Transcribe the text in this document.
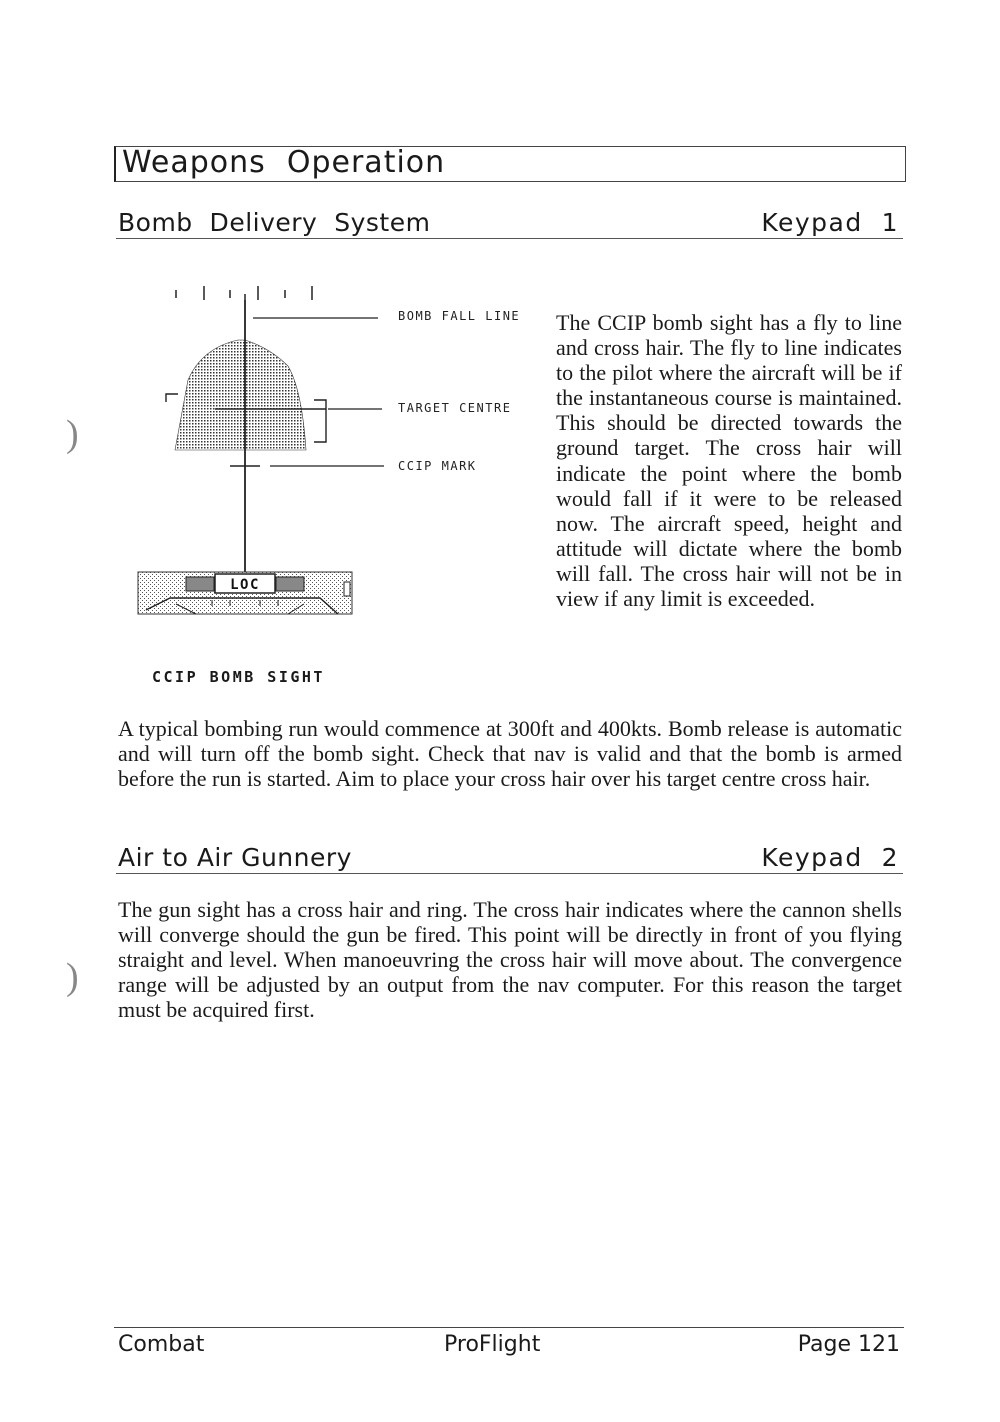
)
)
Weapons  Operation
Bomb  Delivery  System	Keypad  1
LOC
BOMB FALL LINE
TARGET CENTRE
CCIP MARK
CCIP BOMB SIGHT
The CCIP bomb sight has a fly to line and cross hair. The fly to line indicates to the pilot where the aircraft will be if the instantaneous course is maintained. This should be directed towards the ground target. The cross hair will indicate the point where the bomb would fall if it were to be released now. The aircraft speed, height and attitude will dictate where the bomb will fall. The cross hair will not be in view if any limit is exceeded.
A typical bombing run would commence at 300ft and 400kts. Bomb release is automatic and will turn off the bomb sight. Check that nav is valid and that the bomb is armed before the run is started. Aim to place your cross hair over his target centre cross hair.
Air to Air Gunnery	Keypad  2
The gun sight has a cross hair and ring. The cross hair indicates where the cannon shells will converge should the gun be fired. This point will be directly in front of you flying straight and level. When manoeuvring the cross hair will move about. The convergence range will be adjusted by an output from the nav computer. For this reason the target must be acquired first.
Combat	ProFlight	Page 121
